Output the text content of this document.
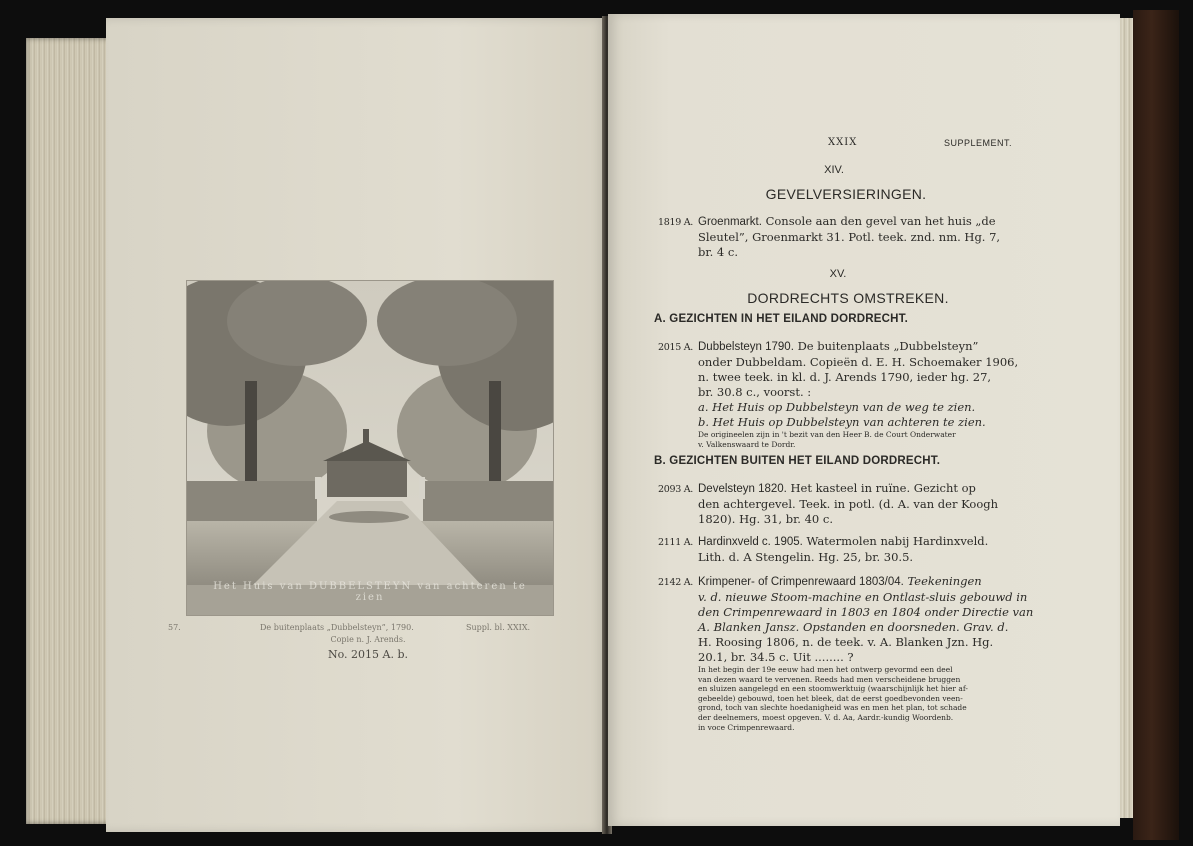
Het Huis van DUBBELSTEYN van achteren te zien
57.	De buitenplaats „Dubbelsteyn”, 1790.	Suppl. bl. XXIX.
Copie n. J. Arends.
No. 2015 A. b.
XXIX	SUPPLEMENT.
XIV.
GEVELVERSIERINGEN.
1819 A. Groenmarkt. Console aan den gevel van het huis „de
Sleutel”, Groenmarkt 31. Potl. teek. znd. nm. Hg. 7,
br. 4 c.
XV.
DORDRECHTS OMSTREKEN.
A. GEZICHTEN IN HET EILAND DORDRECHT.
2015 A. Dubbelsteyn 1790. De buitenplaats „Dubbelsteyn”
onder Dubbeldam. Copieën d. E. H. Schoemaker 1906,
n. twee teek. in kl. d. J. Arends 1790, ieder hg. 27,
br. 30.8 c., voorst. :
a. Het Huis op Dubbelsteyn van de weg te zien.
b. Het Huis op Dubbelsteyn van achteren te zien.
De origineelen zijn in 't bezit van den Heer B. de Court Onderwater
v. Valkenswaard te Dordr.
B. GEZICHTEN BUITEN HET EILAND DORDRECHT.
2093 A. Develsteyn 1820. Het kasteel in ruïne. Gezicht op
den achtergevel. Teek. in potl. (d. A. van der Koogh
1820). Hg. 31, br. 40 c.
2111 A. Hardinxveld c. 1905. Watermolen nabij Hardinxveld.
Lith. d. A Stengelin. Hg. 25, br. 30.5.
2142 A. Krimpener- of Crimpenrewaard 1803/04. Teekeningen
v. d. nieuwe Stoom-machine en Ontlast-sluis gebouwd in
den Crimpenrewaard in 1803 en 1804 onder Directie van
A. Blanken Jansz. Opstanden en doorsneden. Grav. d.
H. Roosing 1806, n. de teek. v. A. Blanken Jzn. Hg.
20.1, br. 34.5 c. Uit ........ ?
In het begin der 19e eeuw had men het ontwerp gevormd een deel
van dezen waard te vervenen. Reeds had men verscheidene bruggen
en sluizen aangelegd en een stoomwerktuig (waarschijnlijk het hier af-
gebeelde) gebouwd, toen het bleek, dat de eerst goedbevonden veen-
grond, toch van slechte hoedanigheid was en men het plan, tot schade
der deelnemers, moest opgeven. V. d. Aa, Aardr.-kundig Woordenb.
in voce Crimpenrewaard.
